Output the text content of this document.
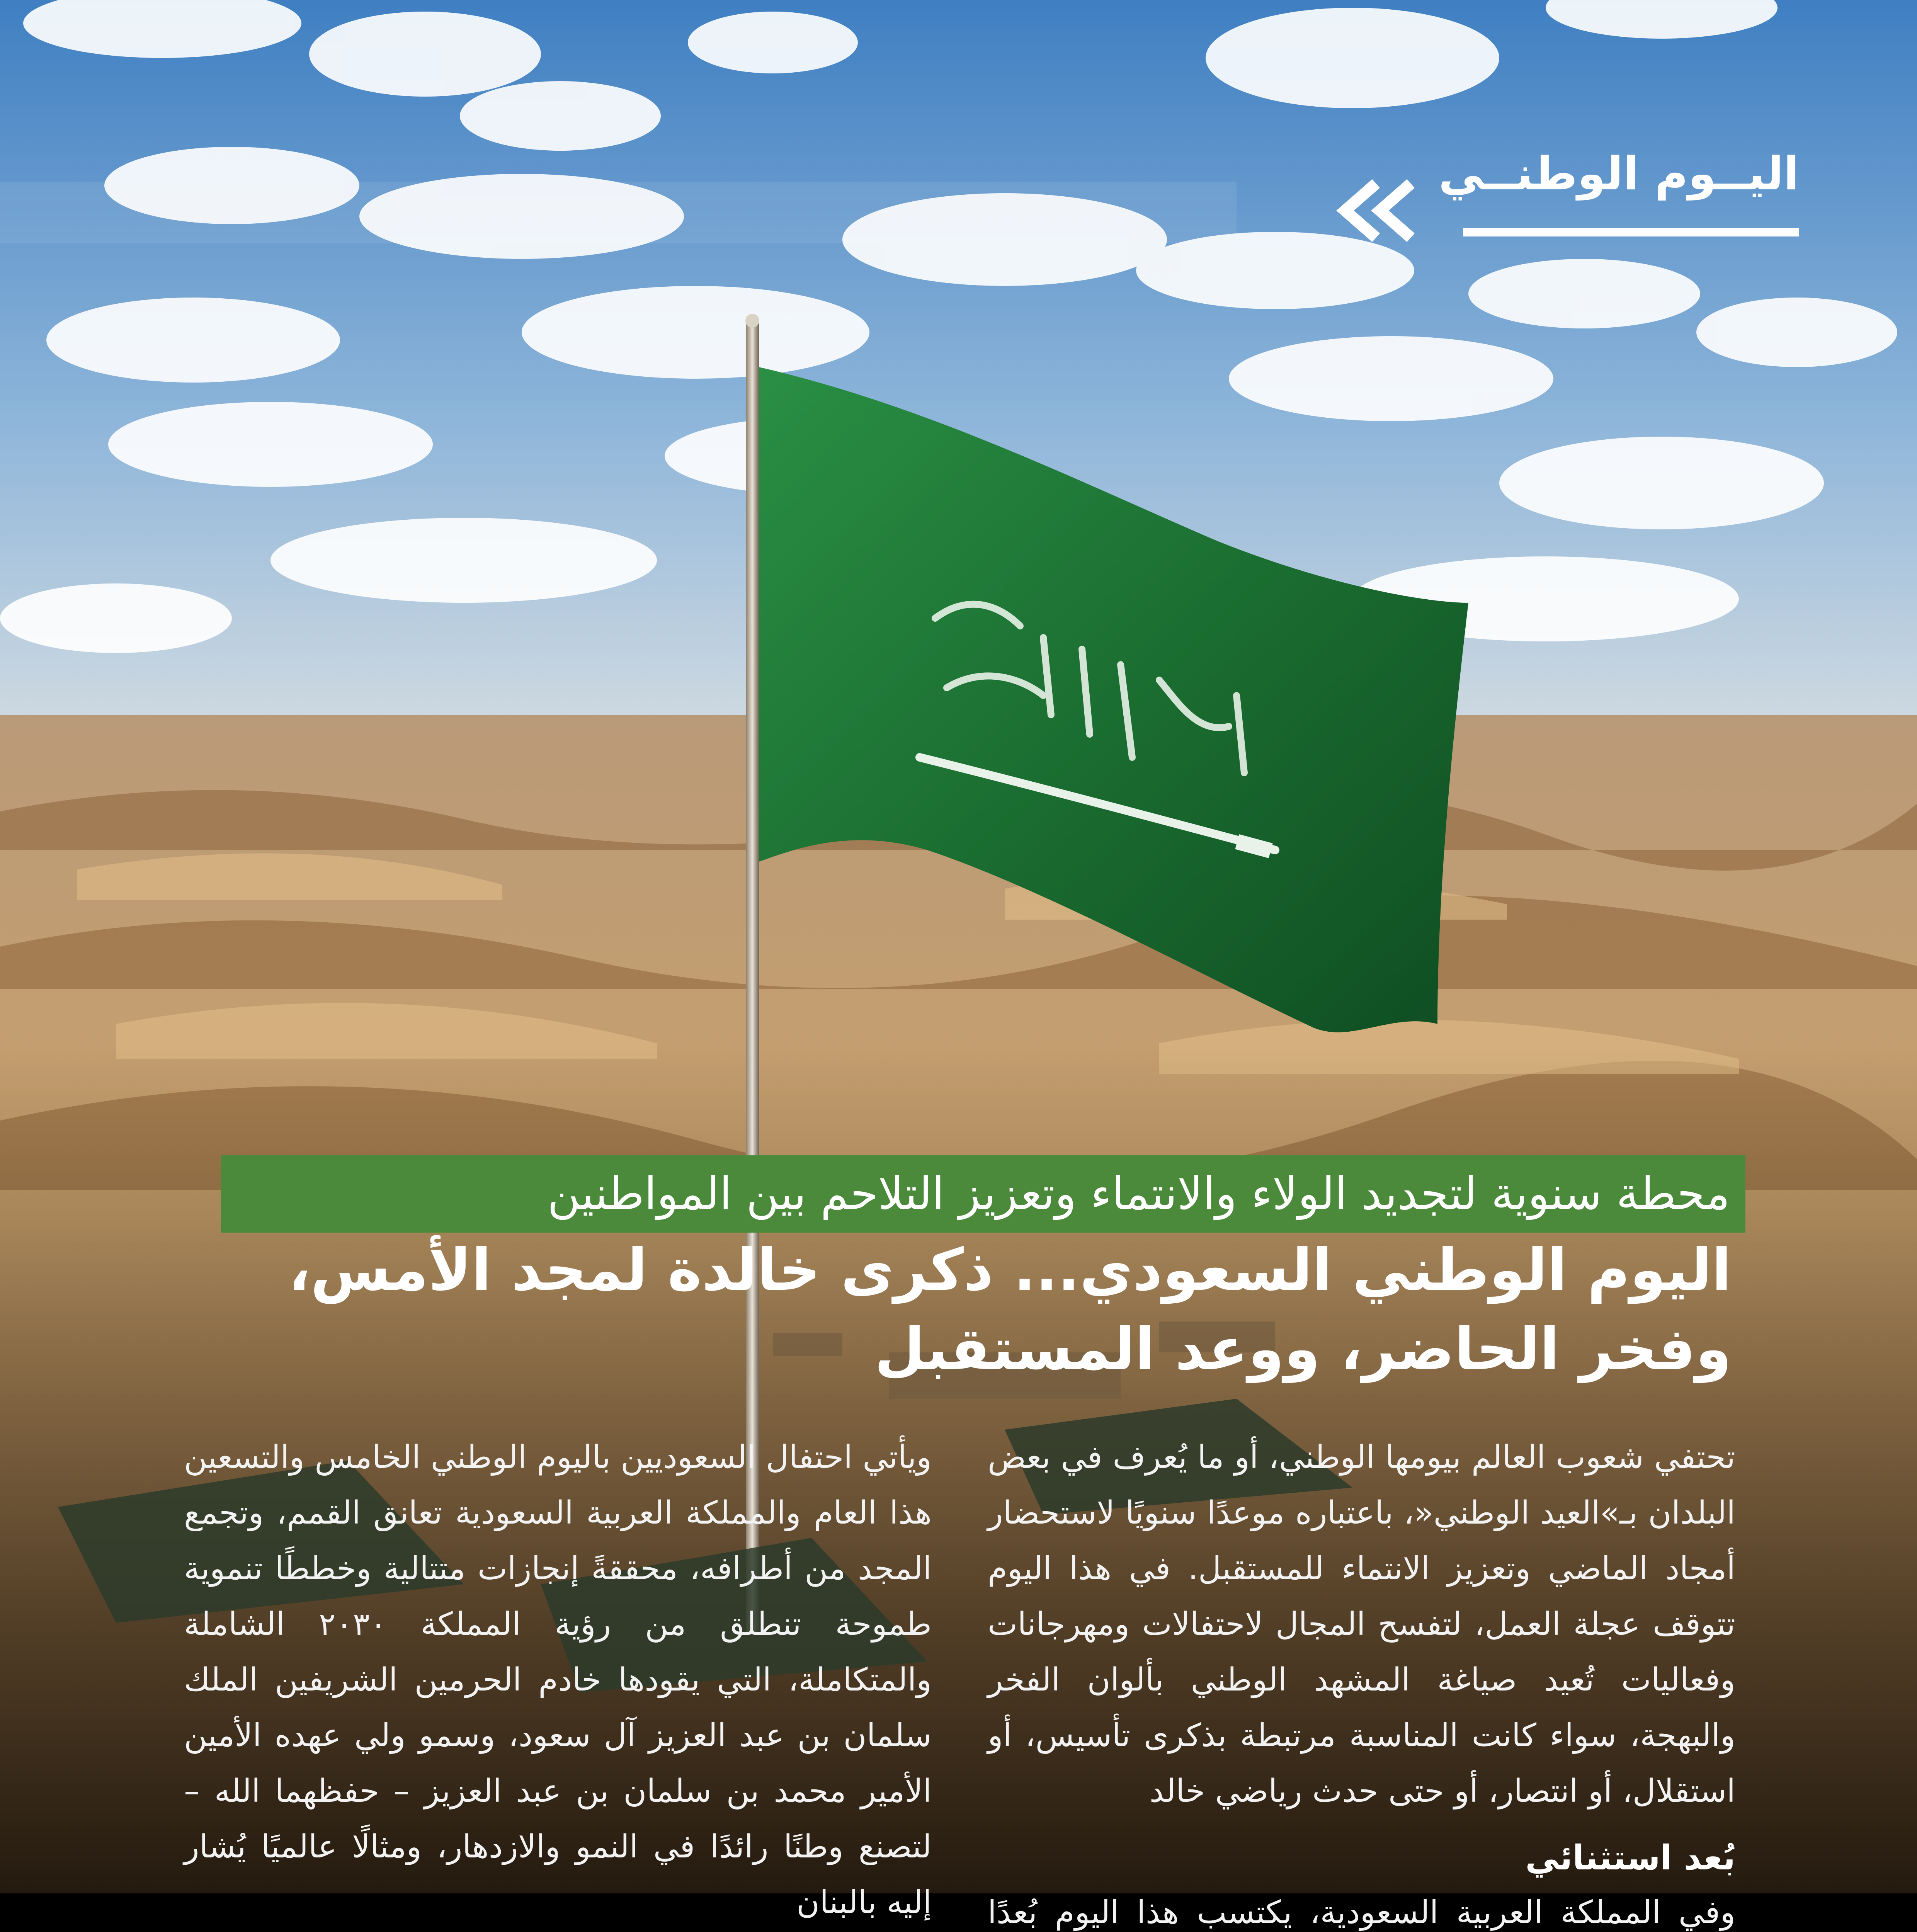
اليــوم الوطنــي
محطة سنوية لتجديد الولاء والانتماء وتعزيز التلاحم بين المواطنين
اليوم الوطني السعودي... ذكرى خالدة لمجد الأمس، وفخر الحاضر، ووعد المستقبل

تحتفي شعوب العالم بيومها الوطني، أو ما يُعرف في بعض البلدان بـ»العيد الوطني«، باعتباره موعدًا سنويًا لاستحضار أمجاد الماضي وتعزيز الانتماء للمستقبل. في هذا اليوم تتوقف عجلة العمل، لتفسح المجال لاحتفالات ومهرجانات وفعاليات تُعيد صياغة المشهد الوطني بألوان الفخر والبهجة، سواء كانت المناسبة مرتبطة بذكرى تأسيس، أو استقلال، أو انتصار، أو حتى حدث رياضي خالد

بُعد استثنائي

وفي المملكة العربية السعودية، يكتسب هذا اليوم بُعدًا

ويأتي احتفال السعوديين باليوم الوطني الخامس والتسعين هذا العام والمملكة العربية السعودية تعانق القمم، وتجمع المجد من أطرافه، محققةً إنجازات متتالية وخططًا تنموية طموحة تنطلق من رؤية المملكة ٢٠٣٠ الشاملة والمتكاملة، التي يقودها خادم الحرمين الشريفين الملك سلمان بن عبد العزيز آل سعود، وسمو ولي عهده الأمين الأمير محمد بن سلمان بن عبد العزيز – حفظهما الله – لتصنع وطنًا رائدًا في النمو والازدهار، ومثالًا عالميًا يُشار إليه بالبنان
